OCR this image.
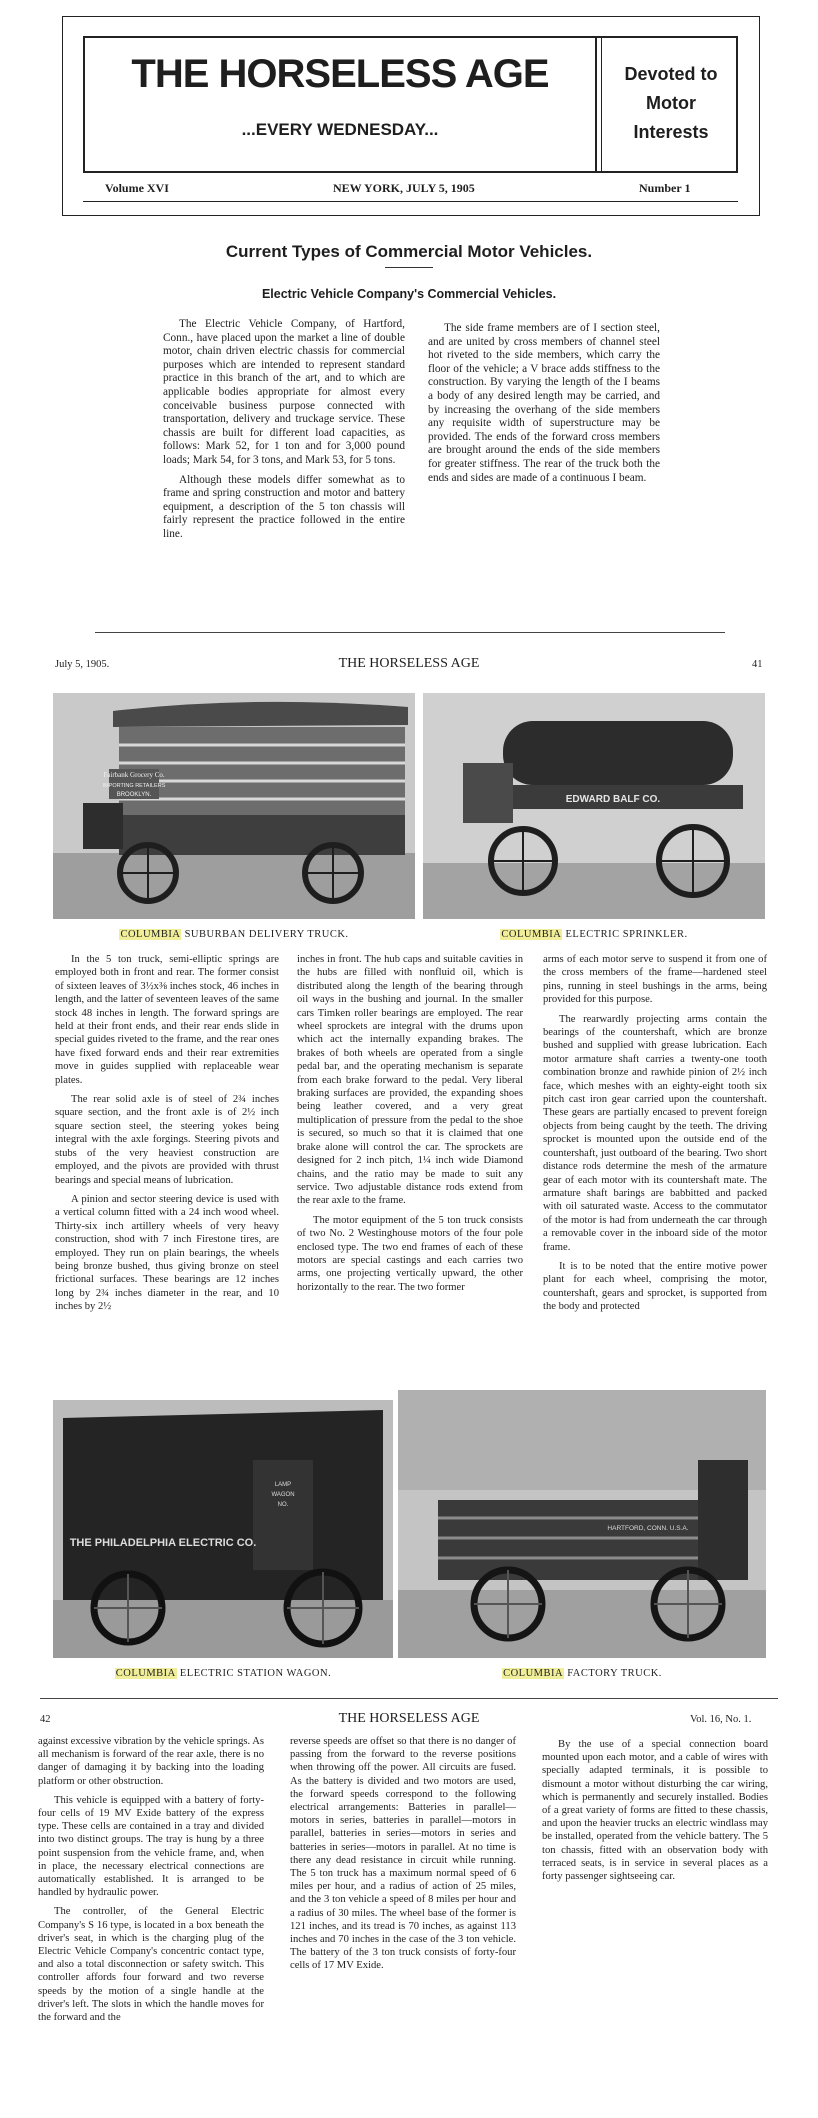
THE HORSELESS AGE
...EVERY WEDNESDAY...
Devoted to
Motor
Interests
Volume XVI	NEW YORK, JULY 5, 1905	Number 1
Current Types of Commercial Motor Vehicles.
Electric Vehicle Company's Commercial Vehicles.

The Electric Vehicle Company, of Hartford, Conn., have placed upon the market a line of double motor, chain driven electric chassis for commercial purposes which are intended to represent standard practice in this branch of the art, and to which are applicable bodies appropriate for almost every conceivable business purpose connected with transportation, delivery and truckage service. These chassis are built for different load capacities, as follows: Mark 52, for 1 ton and for 3,000 pound loads; Mark 54, for 3 tons, and Mark 53, for 5 tons.

Although these models differ somewhat as to frame and spring construction and motor and battery equipment, a description of the 5 ton chassis will fairly represent the practice followed in the entire line.

The side frame members are of I section steel, and are united by cross members of channel steel hot riveted to the side members, which carry the floor of the vehicle; a V brace adds stiffness to the construction. By varying the length of the I beams a body of any desired length may be carried, and by increasing the overhang of the side members any requisite width of superstructure may be provided. The ends of the forward cross members are brought around the ends of the side members for greater stiffness. The rear of the truck both the ends and sides are made of a continuous I beam.

July 5, 1905.	THE HORSELESS AGE	41
Fairbank Grocery Co.
IMPORTING RETAILERS
BROOKLYN.	EDWARD BALF CO.
COLUMBIA SUBURBAN DELIVERY TRUCK.	COLUMBIA ELECTRIC SPRINKLER.

In the 5 ton truck, semi-elliptic springs are employed both in front and rear. The former consist of sixteen leaves of 3½x⅜ inches stock, 46 inches in length, and the latter of seventeen leaves of the same stock 48 inches in length. The forward springs are held at their front ends, and their rear ends slide in special guides riveted to the frame, and the rear ones have fixed forward ends and their rear extremities move in guides supplied with replaceable wear plates.

The rear solid axle is of steel of 2¾ inches square section, and the front axle is of 2½ inch square section steel, the steering yokes being integral with the axle forgings. Steering pivots and stubs of the very heaviest construction are employed, and the pivots are provided with thrust bearings and special means of lubrication.

A pinion and sector steering device is used with a vertical column fitted with a 24 inch wood wheel. Thirty-six inch artillery wheels of very heavy construction, shod with 7 inch Firestone tires, are employed. They run on plain bearings, the wheels being bronze bushed, thus giving bronze on steel frictional surfaces. These bearings are 12 inches long by 2¾ inches diameter in the rear, and 10 inches by 2½

inches in front. The hub caps and suitable cavities in the hubs are filled with nonfluid oil, which is distributed along the length of the bearing through oil ways in the bushing and journal. In the smaller cars Timken roller bearings are employed. The rear wheel sprockets are integral with the drums upon which act the internally expanding brakes. The brakes of both wheels are operated from a single pedal bar, and the operating mechanism is separate from each brake forward to the pedal. Very liberal braking surfaces are provided, the expanding shoes being leather covered, and a very great multiplication of pressure from the pedal to the shoe is secured, so much so that it is claimed that one brake alone will control the car. The sprockets are designed for 2 inch pitch, 1¼ inch wide Diamond chains, and the ratio may be made to suit any service. Two adjustable distance rods extend from the rear axle to the frame.

The motor equipment of the 5 ton truck consists of two No. 2 Westinghouse motors of the four pole enclosed type. The two end frames of each of these motors are special castings and each carries two arms, one projecting vertically upward, the other horizontally to the rear. The two former

arms of each motor serve to suspend it from one of the cross members of the frame—hardened steel pins, running in steel bushings in the arms, being provided for this purpose.

The rearwardly projecting arms contain the bearings of the countershaft, which are bronze bushed and supplied with grease lubrication. Each motor armature shaft carries a twenty-one tooth combination bronze and rawhide pinion of 2½ inch face, which meshes with an eighty-eight tooth six pitch cast iron gear carried upon the countershaft. These gears are partially encased to prevent foreign objects from being caught by the teeth. The driving sprocket is mounted upon the outside end of the countershaft, just outboard of the bearing. Two short distance rods determine the mesh of the armature gear of each motor with its countershaft mate. The armature shaft barings are babbitted and packed with oil saturated waste. Access to the commutator of the motor is had from underneath the car through a removable cover in the inboard side of the motor frame.

It is to be noted that the entire motive power plant for each wheel, comprising the motor, countershaft, gears and sprocket, is supported from the body and protected

THE PHILADELPHIA ELECTRIC CO.
LAMP
WAGON
NO.
HARTFORD, CONN. U.S.A.
COLUMBIA ELECTRIC STATION WAGON.	COLUMBIA FACTORY TRUCK.
42	THE HORSELESS AGE	Vol. 16, No. 1.

against excessive vibration by the vehicle springs. As all mechanism is forward of the rear axle, there is no danger of damaging it by backing into the loading platform or other obstruction.

This vehicle is equipped with a battery of forty-four cells of 19 MV Exide battery of the express type. These cells are contained in a tray and divided into two distinct groups. The tray is hung by a three point suspension from the vehicle frame, and, when in place, the necessary electrical connections are automatically established. It is arranged to be handled by hydraulic power.

The controller, of the General Electric Company's S 16 type, is located in a box beneath the driver's seat, in which is the charging plug of the Electric Vehicle Company's concentric contact type, and also a total disconnection or safety switch. This controller affords four forward and two reverse speeds by the motion of a single handle at the driver's left. The slots in which the handle moves for the forward and the

reverse speeds are offset so that there is no danger of passing from the forward to the reverse positions when throwing off the power. All circuits are fused. As the battery is divided and two motors are used, the forward speeds correspond to the following electrical arrangements: Batteries in parallel—motors in series, batteries in parallel—motors in parallel, batteries in series—motors in series and batteries in series—motors in parallel. At no time is there any dead resistance in circuit while running. The 5 ton truck has a maximum normal speed of 6 miles per hour, and a radius of action of 25 miles, and the 3 ton vehicle a speed of 8 miles per hour and a radius of 30 miles. The wheel base of the former is 121 inches, and its tread is 70 inches, as against 113 inches and 70 inches in the case of the 3 ton vehicle. The battery of the 3 ton truck consists of forty-four cells of 17 MV Exide.

By the use of a special connection board mounted upon each motor, and a cable of wires with specially adapted terminals, it is possible to dismount a motor without disturbing the car wiring, which is permanently and securely installed. Bodies of a great variety of forms are fitted to these chassis, and upon the heavier trucks an electric windlass may be installed, operated from the vehicle battery. The 5 ton chassis, fitted with an observation body with terraced seats, is in service in several places as a forty passenger sightseeing car.
